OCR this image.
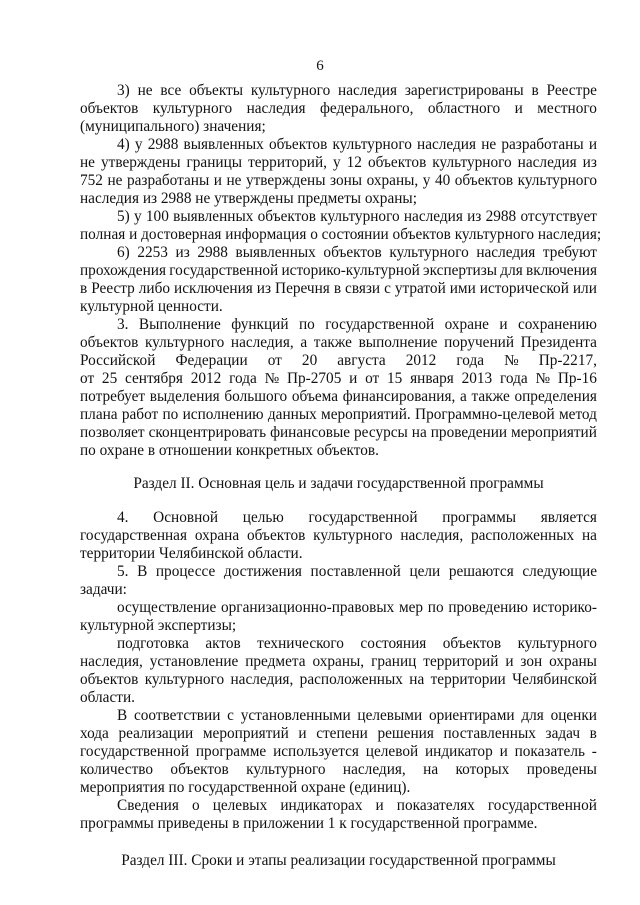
6
3) не все объекты культурного наследия зарегистрированы в Реестре
объектов культурного наследия федерального, областного и местного
(муниципального) значения;
4) у 2988 выявленных объектов культурного наследия не разработаны и
не утверждены границы территорий, у 12 объектов культурного наследия из
752 не разработаны и не утверждены зоны охраны, у 40 объектов культурного
наследия из 2988 не утверждены предметы охраны;
5) у 100 выявленных объектов культурного наследия из 2988 отсутствует
полная и достоверная информация о состоянии объектов культурного наследия;
6) 2253 из 2988 выявленных объектов культурного наследия требуют
прохождения государственной историко-культурной экспертизы для включения
в Реестр либо исключения из Перечня в связи с утратой ими исторической или
культурной ценности.
3. Выполнение функций по государственной охране и сохранению
объектов культурного наследия, а также выполнение поручений Президента
Российской Федерации от 20 августа 2012 года № Пр-2217,
от 25 сентября 2012 года № Пр-2705 и от 15 января 2013 года № Пр-16
потребует выделения большого объема финансирования, а также определения
плана работ по исполнению данных мероприятий. Программно-целевой метод
позволяет сконцентрировать финансовые ресурсы на проведении мероприятий
по охране в отношении конкретных объектов.
Раздел II. Основная цель и задачи государственной программы
4. Основной целью государственной программы является
государственная охрана объектов культурного наследия, расположенных на
территории Челябинской области.
5. В процессе достижения поставленной цели решаются следующие
задачи:
осуществление организационно-правовых мер по проведению историко-
культурной экспертизы;
подготовка актов технического состояния объектов культурного
наследия, установление предмета охраны, границ территорий и зон охраны
объектов культурного наследия, расположенных на территории Челябинской
области.
В соответствии с установленными целевыми ориентирами для оценки
хода реализации мероприятий и степени решения поставленных задач в
государственной программе используется целевой индикатор и показатель -
количество объектов культурного наследия, на которых проведены
мероприятия по государственной охране (единиц).
Сведения о целевых индикаторах и показателях государственной
программы приведены в приложении 1 к государственной программе.
Раздел III. Сроки и этапы реализации государственной программы
